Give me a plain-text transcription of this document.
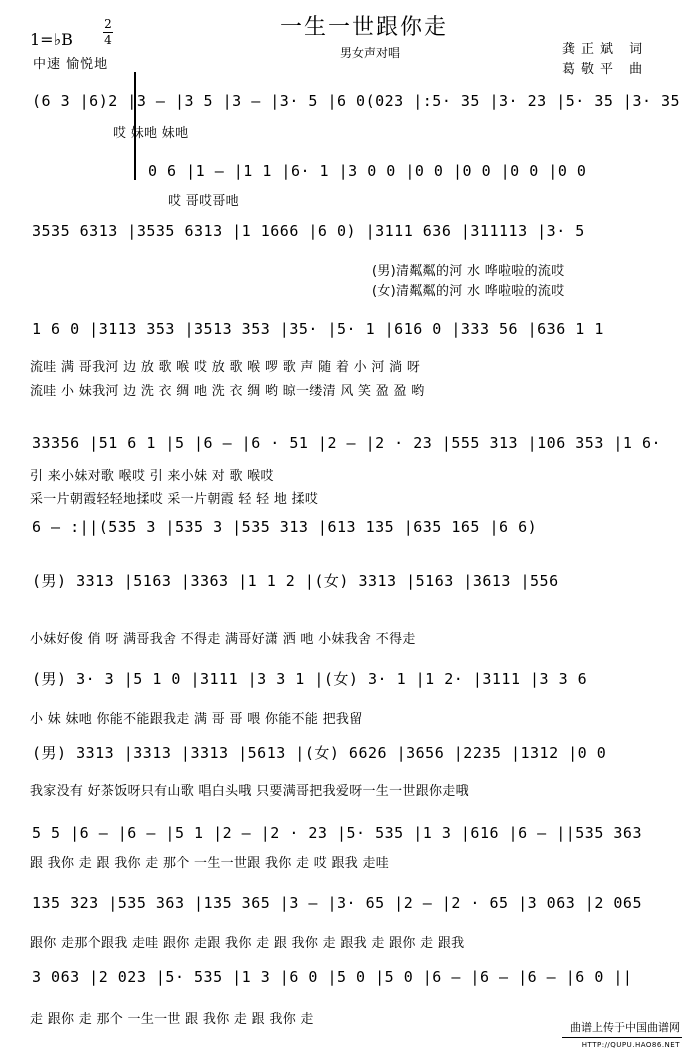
一生一世跟你走
男女声对唱
1=♭B
2
4
中速 愉悦地
龚正斌 词
葛敬平 曲
(6 3 |6)2 |3 — |3 5 |3 — |3· 5 |6 0(023 |:5· 35 |3· 23 |5· 35 |3· 35
哎 妹吔 妹吔
0 6 |1 — |1 1 |6· 1 |3 0 0 |0 0 |0 0 |0 0 |0 0
哎 哥哎哥吔
3535 6313 |3535 6313 |1 1666 |6 0) |3111 636 |311113 |3· 5
(男)清粼粼的河 水 哗啦啦的流哎
(女)清粼粼的河 水 哗啦啦的流哎
1 6 0 |3113 353 |3513 353 |35· |5· 1 |616 0 |333 56 |636 1 1
流哇 满 哥我河 边 放 歌 喉 哎 放 歌 喉 啰 歌 声 随 着 小 河 淌 呀
流哇 小 妹我河 边 洗 衣 绸 吔 洗 衣 绸 哟 晾一缕清 风 笑 盈 盈 哟
33356 |51 6 1 |5 |6 — |6 · 51 |2 — |2 · 23 |555 313 |106 353 |1 6·
引 来小妹对歌 喉哎 引 来小妹 对 歌 喉哎
采一片朝霞轻轻地揉哎 采一片朝霞 轻 轻 地 揉哎
6 — :||(535 3 |535 3 |535 313 |613 135 |635 165 |6 6)
(男) 3313 |5163 |3363 |1 1 2 |(女) 3313 |5163 |3613 |556
小妹好俊 俏 呀 满哥我舍 不得走 满哥好潇 洒 吔 小妹我舍 不得走
(男) 3· 3 |5 1 0 |3111 |3 3 1 |(女) 3· 1 |1 2· |3111 |3 3 6
小 妹 妹吔 你能不能跟我走 满 哥 哥 喂 你能不能 把我留
(男) 3313 |3313 |3313 |5613 |(女) 6626 |3656 |2235 |1312 |0 0
我家没有 好茶饭呀只有山歌 唱白头哦 只要满哥把我爱呀一生一世跟你走哦
5 5 |6 — |6 — |5 1 |2 — |2 · 23 |5· 535 |1 3 |616 |6 — ||535 363
跟 我你 走 跟 我你 走 那个 一生一世跟 我你 走 哎 跟我 走哇
135 323 |535 363 |135 365 |3 — |3· 65 |2 — |2 · 65 |3 063 |2 065
跟你 走那个跟我 走哇 跟你 走跟 我你 走 跟 我你 走 跟我 走 跟你 走 跟我
3 063 |2 023 |5· 535 |1 3 |6 0 |5 0 |5 0 |6 — |6 — |6 — |6 0 ||
走 跟你 走 那个 一生一世 跟 我你 走 跟 我你 走
曲谱上传于中国曲谱网
HTTP://QUPU.HAO86.NET
